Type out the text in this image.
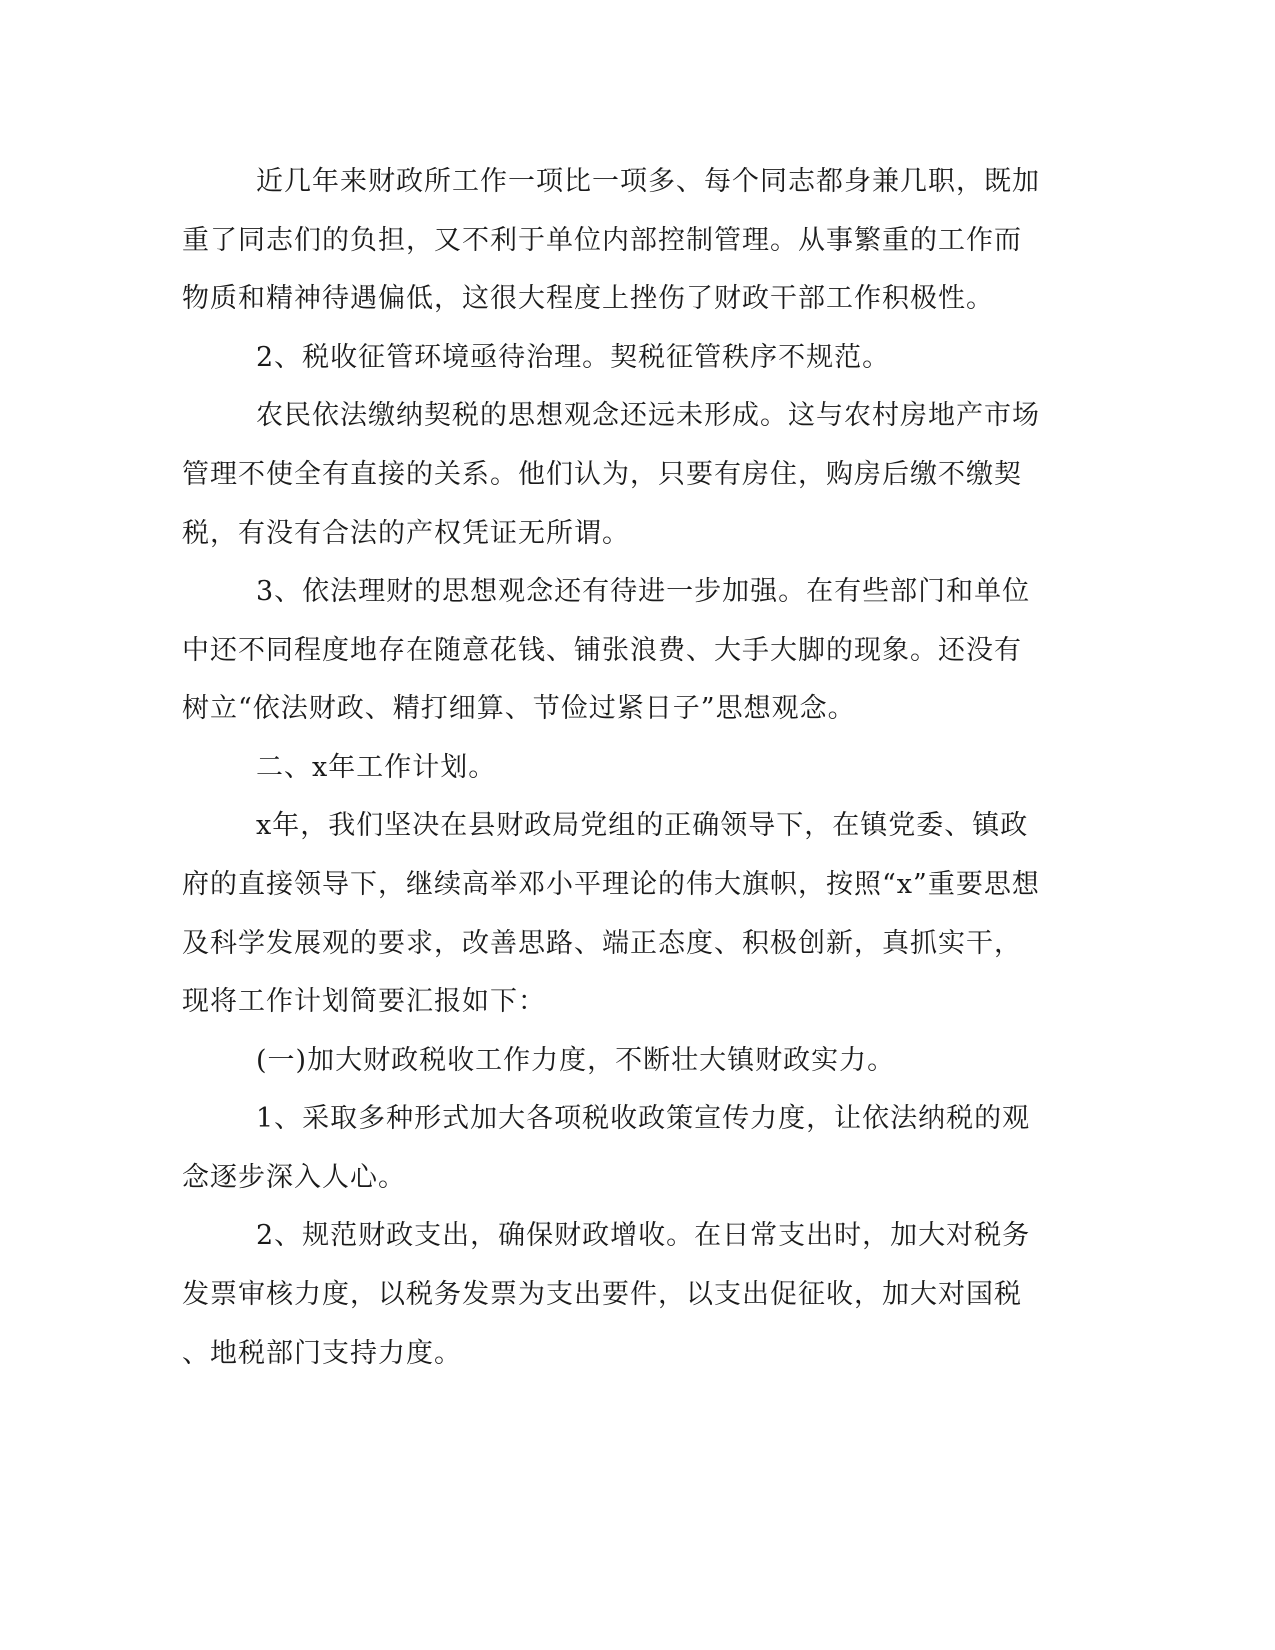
近几年来财政所工作一项比一项多、每个同志都身兼几职，既加
重了同志们的负担，又不利于单位内部控制管理。从事繁重的工作而
物质和精神待遇偏低，这很大程度上挫伤了财政干部工作积极性。
2、税收征管环境亟待治理。契税征管秩序不规范。
农民依法缴纳契税的思想观念还远未形成。这与农村房地产市场
管理不使全有直接的关系。他们认为，只要有房住，购房后缴不缴契
税，有没有合法的产权凭证无所谓。
3、依法理财的思想观念还有待进一步加强。在有些部门和单位
中还不同程度地存在随意花钱、铺张浪费、大手大脚的现象。还没有
树立“依法财政、精打细算、节俭过紧日子”思想观念。
二、x年工作计划。
x年，我们坚决在县财政局党组的正确领导下，在镇党委、镇政
府的直接领导下，继续高举邓小平理论的伟大旗帜，按照“x”重要思想
及科学发展观的要求，改善思路、端正态度、积极创新，真抓实干，
现将工作计划简要汇报如下：
(一)加大财政税收工作力度，不断壮大镇财政实力。
1、采取多种形式加大各项税收政策宣传力度，让依法纳税的观
念逐步深入人心。
2、规范财政支出，确保财政增收。在日常支出时，加大对税务
发票审核力度，以税务发票为支出要件，以支出促征收，加大对国税
、地税部门支持力度。
